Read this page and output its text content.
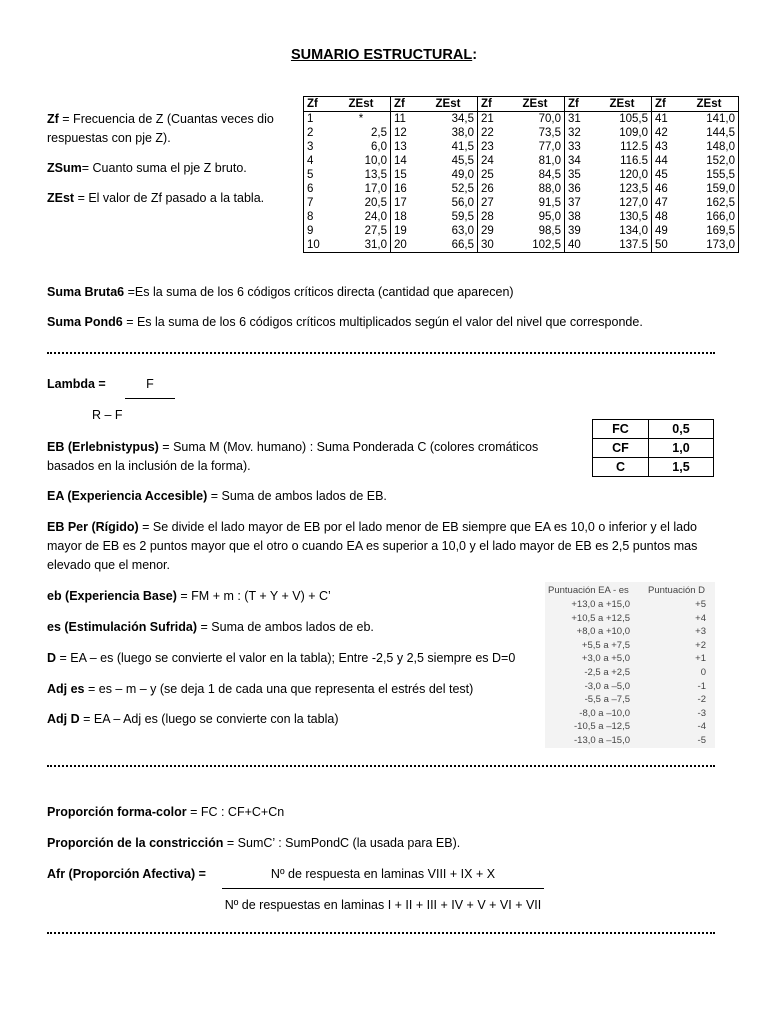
SUMARIO ESTRUCTURAL:
Zf = Frecuencia de Z (Cuantas veces dio respuestas con pje Z).
ZSum= Cuanto suma el pje Z bruto.
ZEst = El valor de Zf pasado a la tabla.
Zf	ZEst	Zf	ZEst	Zf	ZEst	Zf	ZEst	Zf	ZEst
1	*	11	34,5	21	70,0	31	105,5	41	141,0
2	2,5	12	38,0	22	73,5	32	109,0	42	144,5
3	6,0	13	41,5	23	77,0	33	112.5	43	148,0
4	10,0	14	45,5	24	81,0	34	116.5	44	152,0
5	13,5	15	49,0	25	84,5	35	120,0	45	155,5
6	17,0	16	52,5	26	88,0	36	123,5	46	159,0
7	20,5	17	56,0	27	91,5	37	127,0	47	162,5
8	24,0	18	59,5	28	95,0	38	130,5	48	166,0
9	27,5	19	63,0	29	98,5	39	134,0	49	169,5
10	31,0	20	66,5	30	102,5	40	137.5	50	173,0
Suma Bruta6 =Es la suma de los 6 códigos críticos directa (cantidad que aparecen)
Suma Pond6 = Es la suma de los 6 códigos críticos multiplicados según el valor del nivel que corresponde.
Lambda =	F
R – F
FC	0,5
CF	1,0
C	1,5
EB (Erlebnistypus) = Suma M (Mov. humano) : Suma Ponderada C (colores cromáticos basados en la inclusión de la forma).
EA (Experiencia Accesible) = Suma de ambos lados de EB.
EB Per (Rígido) = Se divide el lado mayor de EB por el lado menor de EB siempre que EA es 10,0 o inferior y el lado mayor de EB es 2 puntos mayor que el otro o cuando EA es superior a 10,0 y el lado mayor de EB es 2,5 puntos mas elevado que el menor.
eb (Experiencia Base) = FM + m : (T + Y + V) + C’
es (Estimulación Sufrida) = Suma de ambos lados de eb.
D = EA – es (luego se convierte el valor en la tabla); Entre -2,5 y 2,5 siempre es D=0
Adj es = es – m – y (se deja 1 de cada una que representa el estrés del test)
Adj D = EA – Adj es (luego se convierte con la tabla)
Puntuación EA - es Puntuación D
+13,0 a +15,0	+5
+10,5 a +12,5	+4
+8,0 a +10,0	+3
+5,5 a +7,5	+2
+3,0 a +5,0	+1
-2,5 a +2,5	0
-3,0 a –5,0	-1
-5,5 a –7,5	-2
-8,0 a –10,0	-3
-10,5 a –12,5	-4
-13,0 a –15,0	-5
Proporción forma-color = FC : CF+C+Cn
Proporción de la constricción = SumC’ : SumPondC (la usada para EB).
Afr (Proporción Afectiva) =	Nº de respuesta en laminas VIII + IX + X
Nº de respuestas en laminas I + II + III + IV + V + VI + VII
